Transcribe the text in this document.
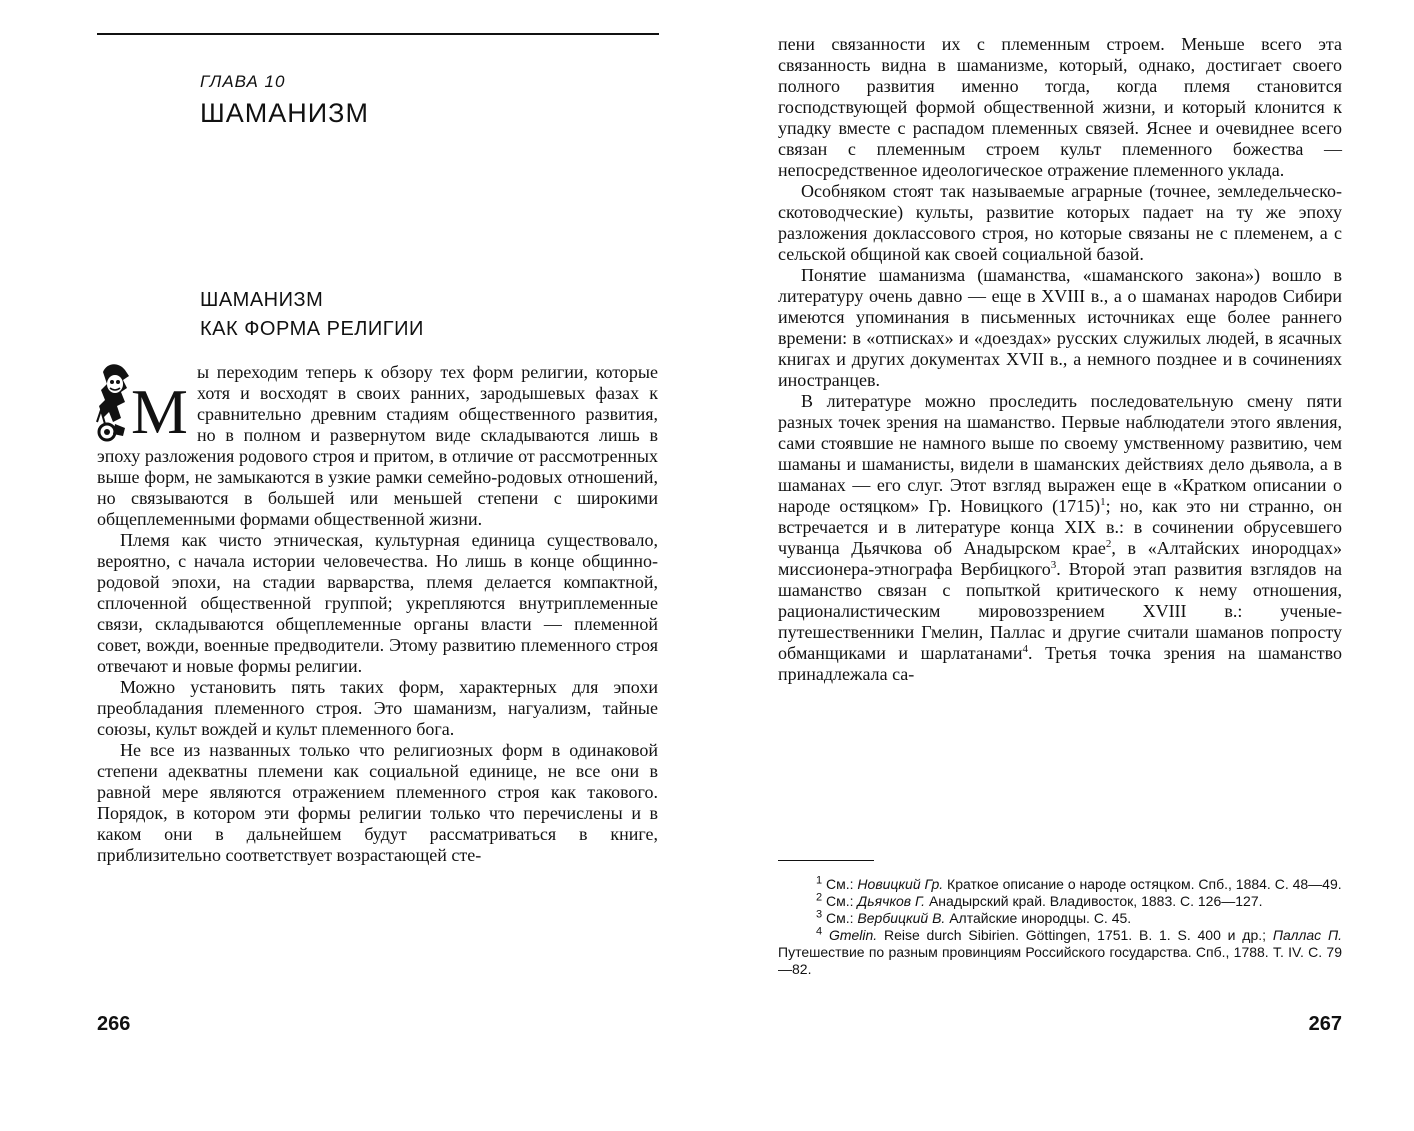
ГЛАВА 10
ШАМАНИЗМ
ШАМАНИЗМ
КАК ФОРМА РЕЛИГИИ

М
ы переходим теперь к обзору тех форм религии, которые хотя и восходят в своих ранних, зародышевых фазах к сравнительно древним стадиям общественного развития, но в полном и развернутом виде складываются лишь в эпоху разложения родового строя и притом, в отличие от рассмотренных выше форм, не замыкаются в узкие рамки семейно-родовых отношений, но связываются в большей или меньшей степени с широкими общеплеменными формами общественной жизни.

Племя как чисто этническая, культурная единица существовало, вероятно, с начала истории человечества. Но лишь в конце общинно-родовой эпохи, на стадии варварства, племя делается компактной, сплоченной общественной группой; укрепляются внутриплеменные связи, складываются общеплеменные органы власти — племенной совет, вожди, военные предводители. Этому развитию племенного строя отвечают и новые формы религии.

Можно установить пять таких форм, характерных для эпохи преобладания племенного строя. Это шаманизм, нагуализм, тайные союзы, культ вождей и культ племенного бога.

Не все из названных только что религиозных форм в одинаковой степени адекватны племени как социальной единице, не все они в равной мере являются отражением племенного строя как такового. Порядок, в котором эти формы религии только что перечислены и в каком они в дальнейшем будут рассматриваться в книге, приблизительно соответствует возрастающей сте-

266

пени связанности их с племенным строем. Меньше всего эта связанность видна в шаманизме, который, однако, достигает своего полного развития именно тогда, когда племя становится господствующей формой общественной жизни, и который клонится к упадку вместе с распадом племенных связей. Яснее и очевиднее всего связан с племенным строем культ племенного божества — непосредственное идеологическое отражение племенного уклада.

Особняком стоят так называемые аграрные (точнее, земледельческо-скотоводческие) культы, развитие которых падает на ту же эпоху разложения доклассового строя, но которые связаны не с племенем, а с сельской общиной как своей социальной базой.

Понятие шаманизма (шаманства, «шаманского закона») вошло в литературу очень давно — еще в XVIII в., а о шаманах народов Сибири имеются упоминания в письменных источниках еще более раннего времени: в «отписках» и «доездах» русских служилых людей, в ясачных книгах и других документах XVII в., а немного позднее и в сочинениях иностранцев.

В литературе можно проследить последовательную смену пяти разных точек зрения на шаманство. Первые наблюдатели этого явления, сами стоявшие не намного выше по своему умственному развитию, чем шаманы и шаманисты, видели в шаманских действиях дело дьявола, а в шаманах — его слуг. Этот взгляд выражен еще в «Кратком описании о народе остяцком» Гр. Новицкого $(1715)^1$; но, как это ни странно, он встречается и в литературе конца XIX в.: в сочинении обрусевшего чуванца Дьячкова об Анадырском крае$^2$, в «Алтайских инородцах» миссионера-этнографа Вербицкого$^3$. Второй этап развития взглядов на шаманство связан с попыткой критического к нему отношения, рационалистическим мировоззрением XVIII в.: ученые-путешественники Гмелин, Паллас и другие считали шаманов попросту обманщиками и шарлатанами$^4$. Третья точка зрения на шаманство принадлежала са-

$^1$ См.: Новицкий Гр. Краткое описание о народе остяцком. Спб., 1884. С. 48—49.

$^2$ См.: Дьячков Г. Анадырский край. Владивосток, 1883. С. 126—127.

$^3$ См.: Вербицкий В. Алтайские инородцы. С. 45.

$^4$ Gmelin. Reise durch Sibirien. Göttingen, 1751. B. 1. S. 400 и др.; Паллас П. Путешествие по разным провинциям Российского государства. Спб., 1788. Т. IV. С. 79—82.

267
